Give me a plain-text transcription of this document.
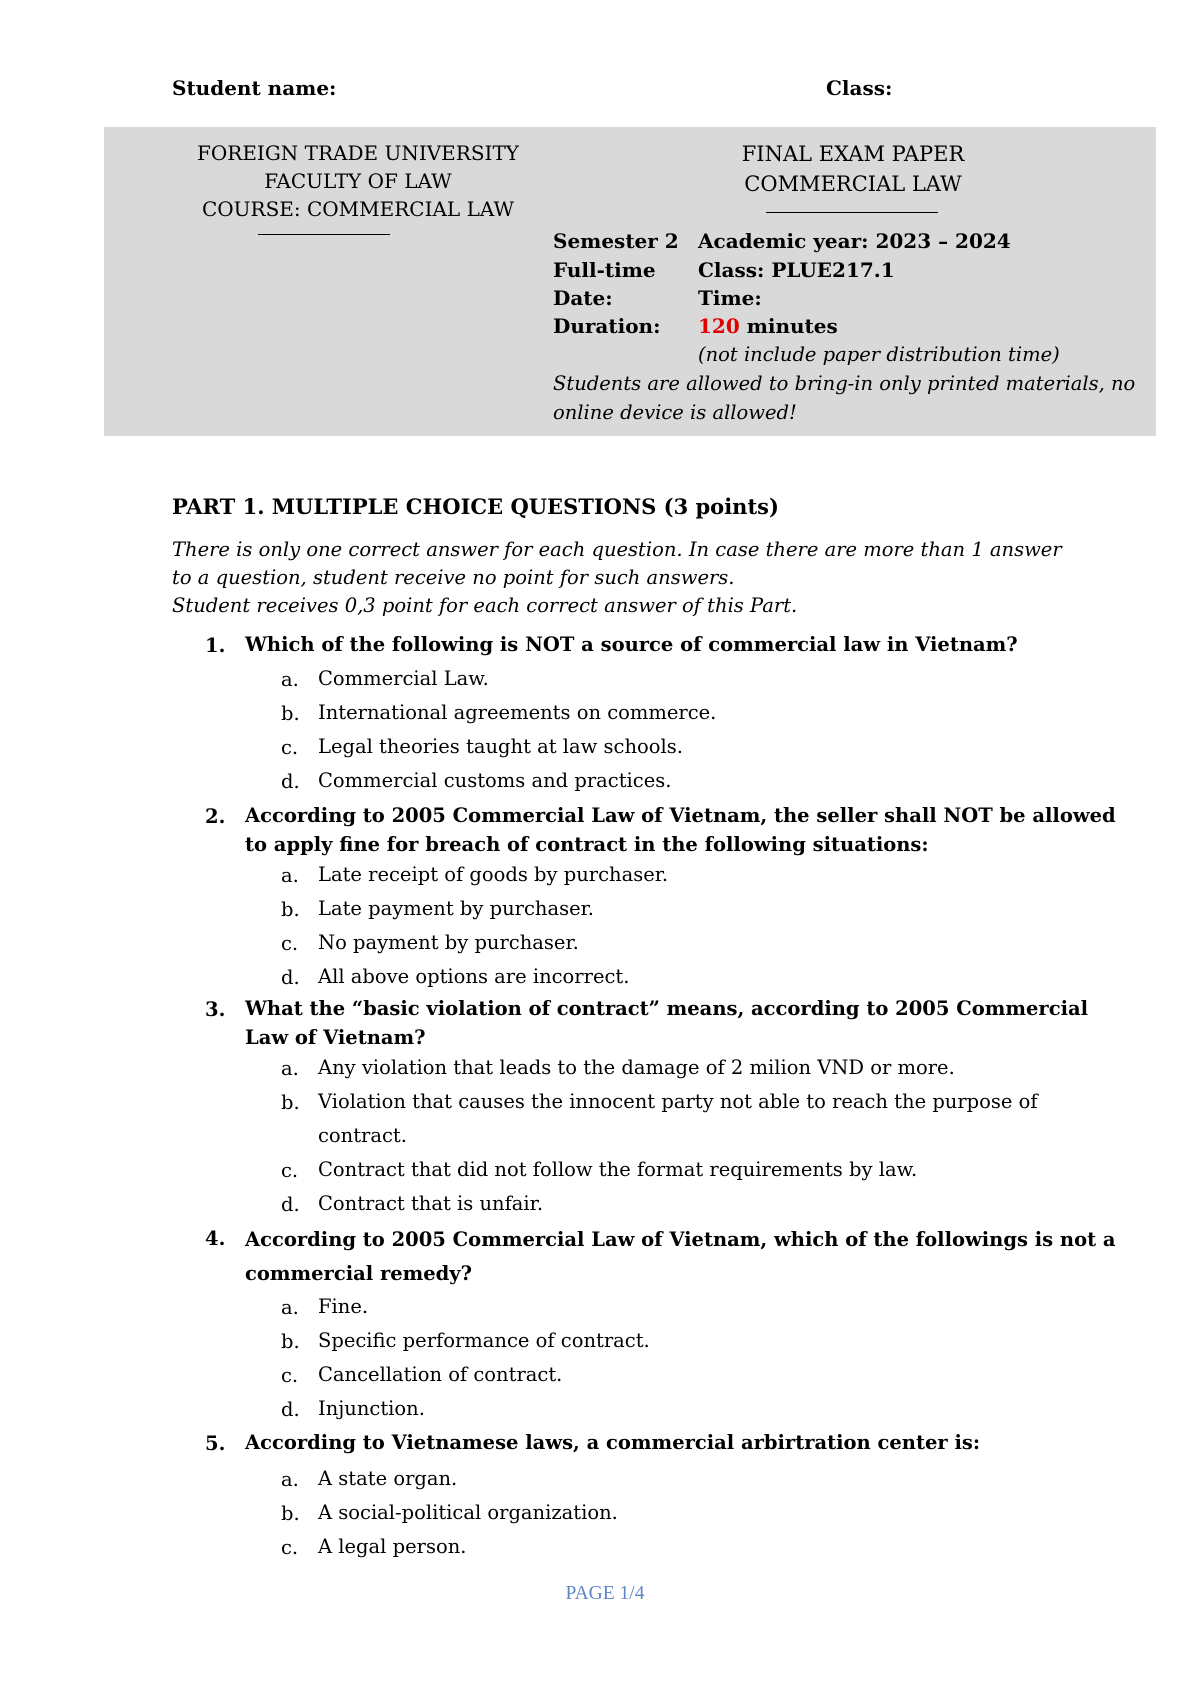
Student name:	Class:
FOREIGN TRADE UNIVERSITY
FACULTY OF LAW
COURSE: COMMERCIAL LAW
FINAL EXAM PAPER
COMMERCIAL LAW
Semester 2 Academic year: 2023 – 2024
Full-time Class: PLUE217.1
Date:	Time:
Duration: 120 minutes
(not include paper distribution time)
Students are allowed to bring-in only printed materials, no
online device is allowed!
PART 1. MULTIPLE CHOICE QUESTIONS (3 points)
There is only one correct answer for each question. In case there are more than 1 answer
to a question, student receive no point for such answers.
Student receives 0,3 point for each correct answer of this Part.
1. Which of the following is NOT a source of commercial law in Vietnam?
a. Commercial Law.
b. International agreements on commerce.
c. Legal theories taught at law schools.
d. Commercial customs and practices.
2. According to 2005 Commercial Law of Vietnam, the seller shall NOT be allowed to apply fine for breach of contract in the following situations:
a. Late receipt of goods by purchaser.
b. Late payment by purchaser.
c. No payment by purchaser.
d. All above options are incorrect.
3. What the “basic violation of contract” means, according to 2005 Commercial Law of Vietnam?
a. Any violation that leads to the damage of 2 milion VND or more.
b. Violation that causes the innocent party not able to reach the purpose of contract.
c. Contract that did not follow the format requirements by law.
d. Contract that is unfair.
4. According to 2005 Commercial Law of Vietnam, which of the followings is not a commercial remedy?
a. Fine.
b. Specific performance of contract.
c. Cancellation of contract.
d. Injunction.
5. According to Vietnamese laws, a commercial arbirtration center is:
a. A state organ.
b. A social-political organization.
c. A legal person.
PAGE 1/4
